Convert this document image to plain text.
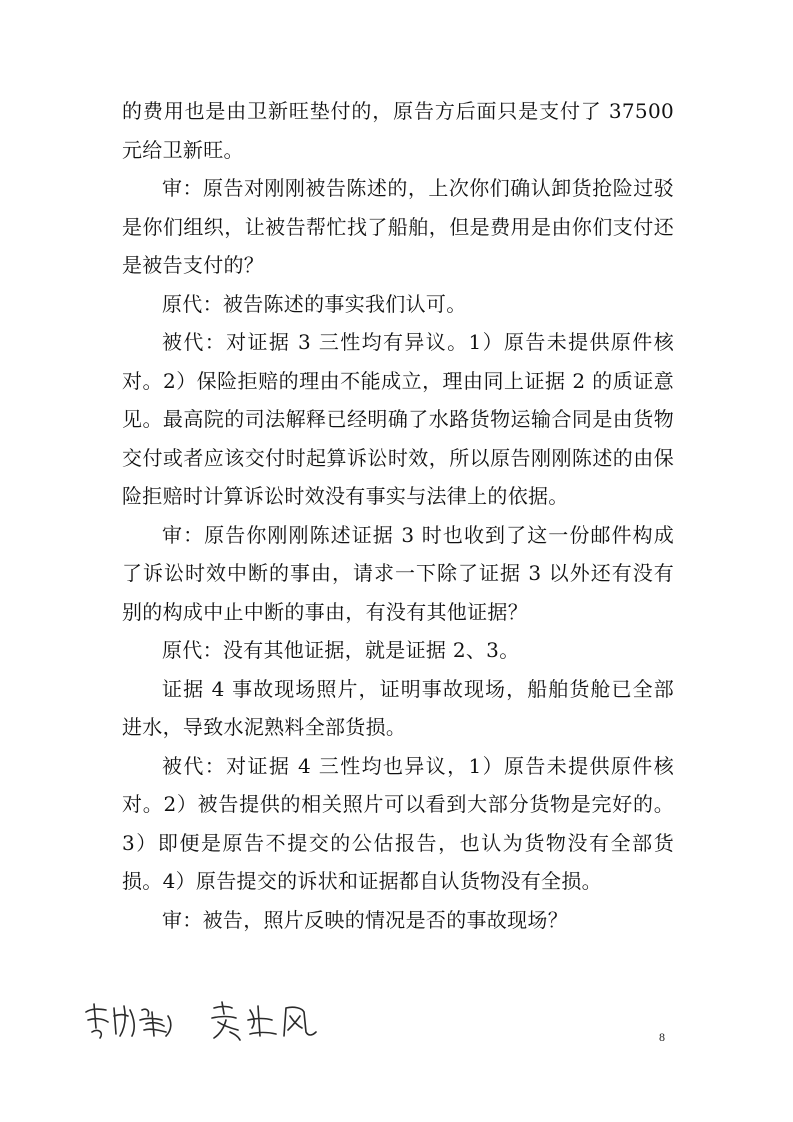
的费用也是由卫新旺垫付的，原告方后面只是支付了 37500 元给卫新旺。

审：原告对刚刚被告陈述的，上次你们确认卸货抢险过驳是你们组织，让被告帮忙找了船舶，但是费用是由你们支付还是被告支付的？

原代：被告陈述的事实我们认可。

被代：对证据 3 三性均有异议。1）原告未提供原件核对。2）保险拒赔的理由不能成立，理由同上证据 2 的质证意见。最高院的司法解释已经明确了水路货物运输合同是由货物交付或者应该交付时起算诉讼时效，所以原告刚刚陈述的由保险拒赔时计算诉讼时效没有事实与法律上的依据。

审：原告你刚刚陈述证据 3 时也收到了这一份邮件构成了诉讼时效中断的事由，请求一下除了证据 3 以外还有没有别的构成中止中断的事由，有没有其他证据？

原代：没有其他证据，就是证据 2、3。

证据 4 事故现场照片，证明事故现场，船舶货舱已全部进水，导致水泥熟料全部货损。

被代：对证据 4 三性均也异议，1）原告未提供原件核对。2）被告提供的相关照片可以看到大部分货物是完好的。3）即便是原告不提交的公估报告，也认为货物没有全部货损。4）原告提交的诉状和证据都自认货物没有全损。

审：被告，照片反映的情况是否的事故现场？

8
